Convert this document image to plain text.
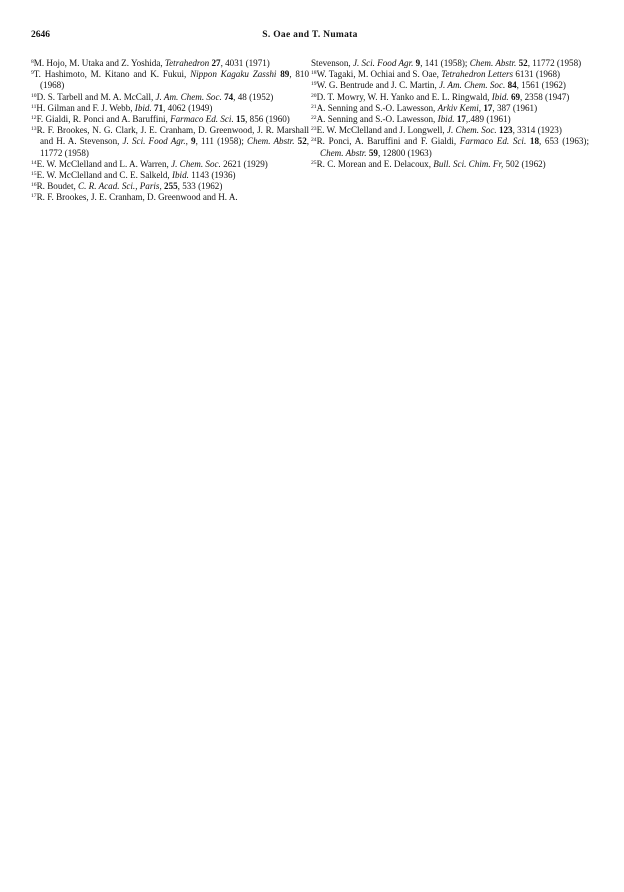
2646	S. Oae and T. Numata
$^8$M. Hojo, M. Utaka and Z. Yoshida, Tetrahedron 27, 4031 (1971)
$^9$T. Hashimoto, M. Kitano and K. Fukui, Nippon Kagaku Zasshi 89, 810 (1968)
$^{10}$D. S. Tarbell and M. A. McCall, J. Am. Chem. Soc. 74, 48 (1952)
$^{11}$H. Gilman and F. J. Webb, Ibid. 71, 4062 (1949)
$^{12}$F. Gialdi, R. Ponci and A. Baruffini, Farmaco Ed. Sci. 15, 856 (1960)
$^{13}$R. F. Brookes, N. G. Clark, J. E. Cranham, D. Greenwood, J. R. Marshall and H. A. Stevenson, J. Sci. Food Agr., 9, 111 (1958); Chem. Abstr. 52, 11772 (1958)
$^{14}$E. W. McClelland and L. A. Warren, J. Chem. Soc. 2621 (1929)
$^{15}$E. W. McClelland and C. E. Salkeld, Ibid. 1143 (1936)
$^{16}$R. Boudet, C. R. Acad. Sci., Paris, 255, 533 (1962)
$^{17}$R. F. Brookes, J. E. Cranham, D. Greenwood and H. A.
Stevenson, J. Sci. Food Agr. 9, 141 (1958); Chem. Abstr. 52, 11772 (1958)
$^{18}$W. Tagaki, M. Ochiai and S. Oae, Tetrahedron Letters 6131 (1968)
$^{19}$W. G. Bentrude and J. C. Martin, J. Am. Chem. Soc. 84, 1561 (1962)
$^{20}$D. T. Mowry, W. H. Yanko and E. L. Ringwald, Ibid. 69, 2358 (1947)
$^{21}$A. Senning and S.-O. Lawesson, Arkiv Kemi, 17, 387 (1961)
$^{22}$A. Senning and S.-O. Lawesson, Ibid. 17,.489 (1961)
$^{23}$E. W. McClelland and J. Longwell, J. Chem. Soc. 123, 3314 (1923)
$^{24}$R. Ponci, A. Baruffini and F. Gialdi, Farmaco Ed. Sci. 18, 653 (1963); Chem. Abstr. 59, 12800 (1963)
$^{25}$R. C. Morean and E. Delacoux, Bull. Sci. Chim. Fr, 502 (1962)
